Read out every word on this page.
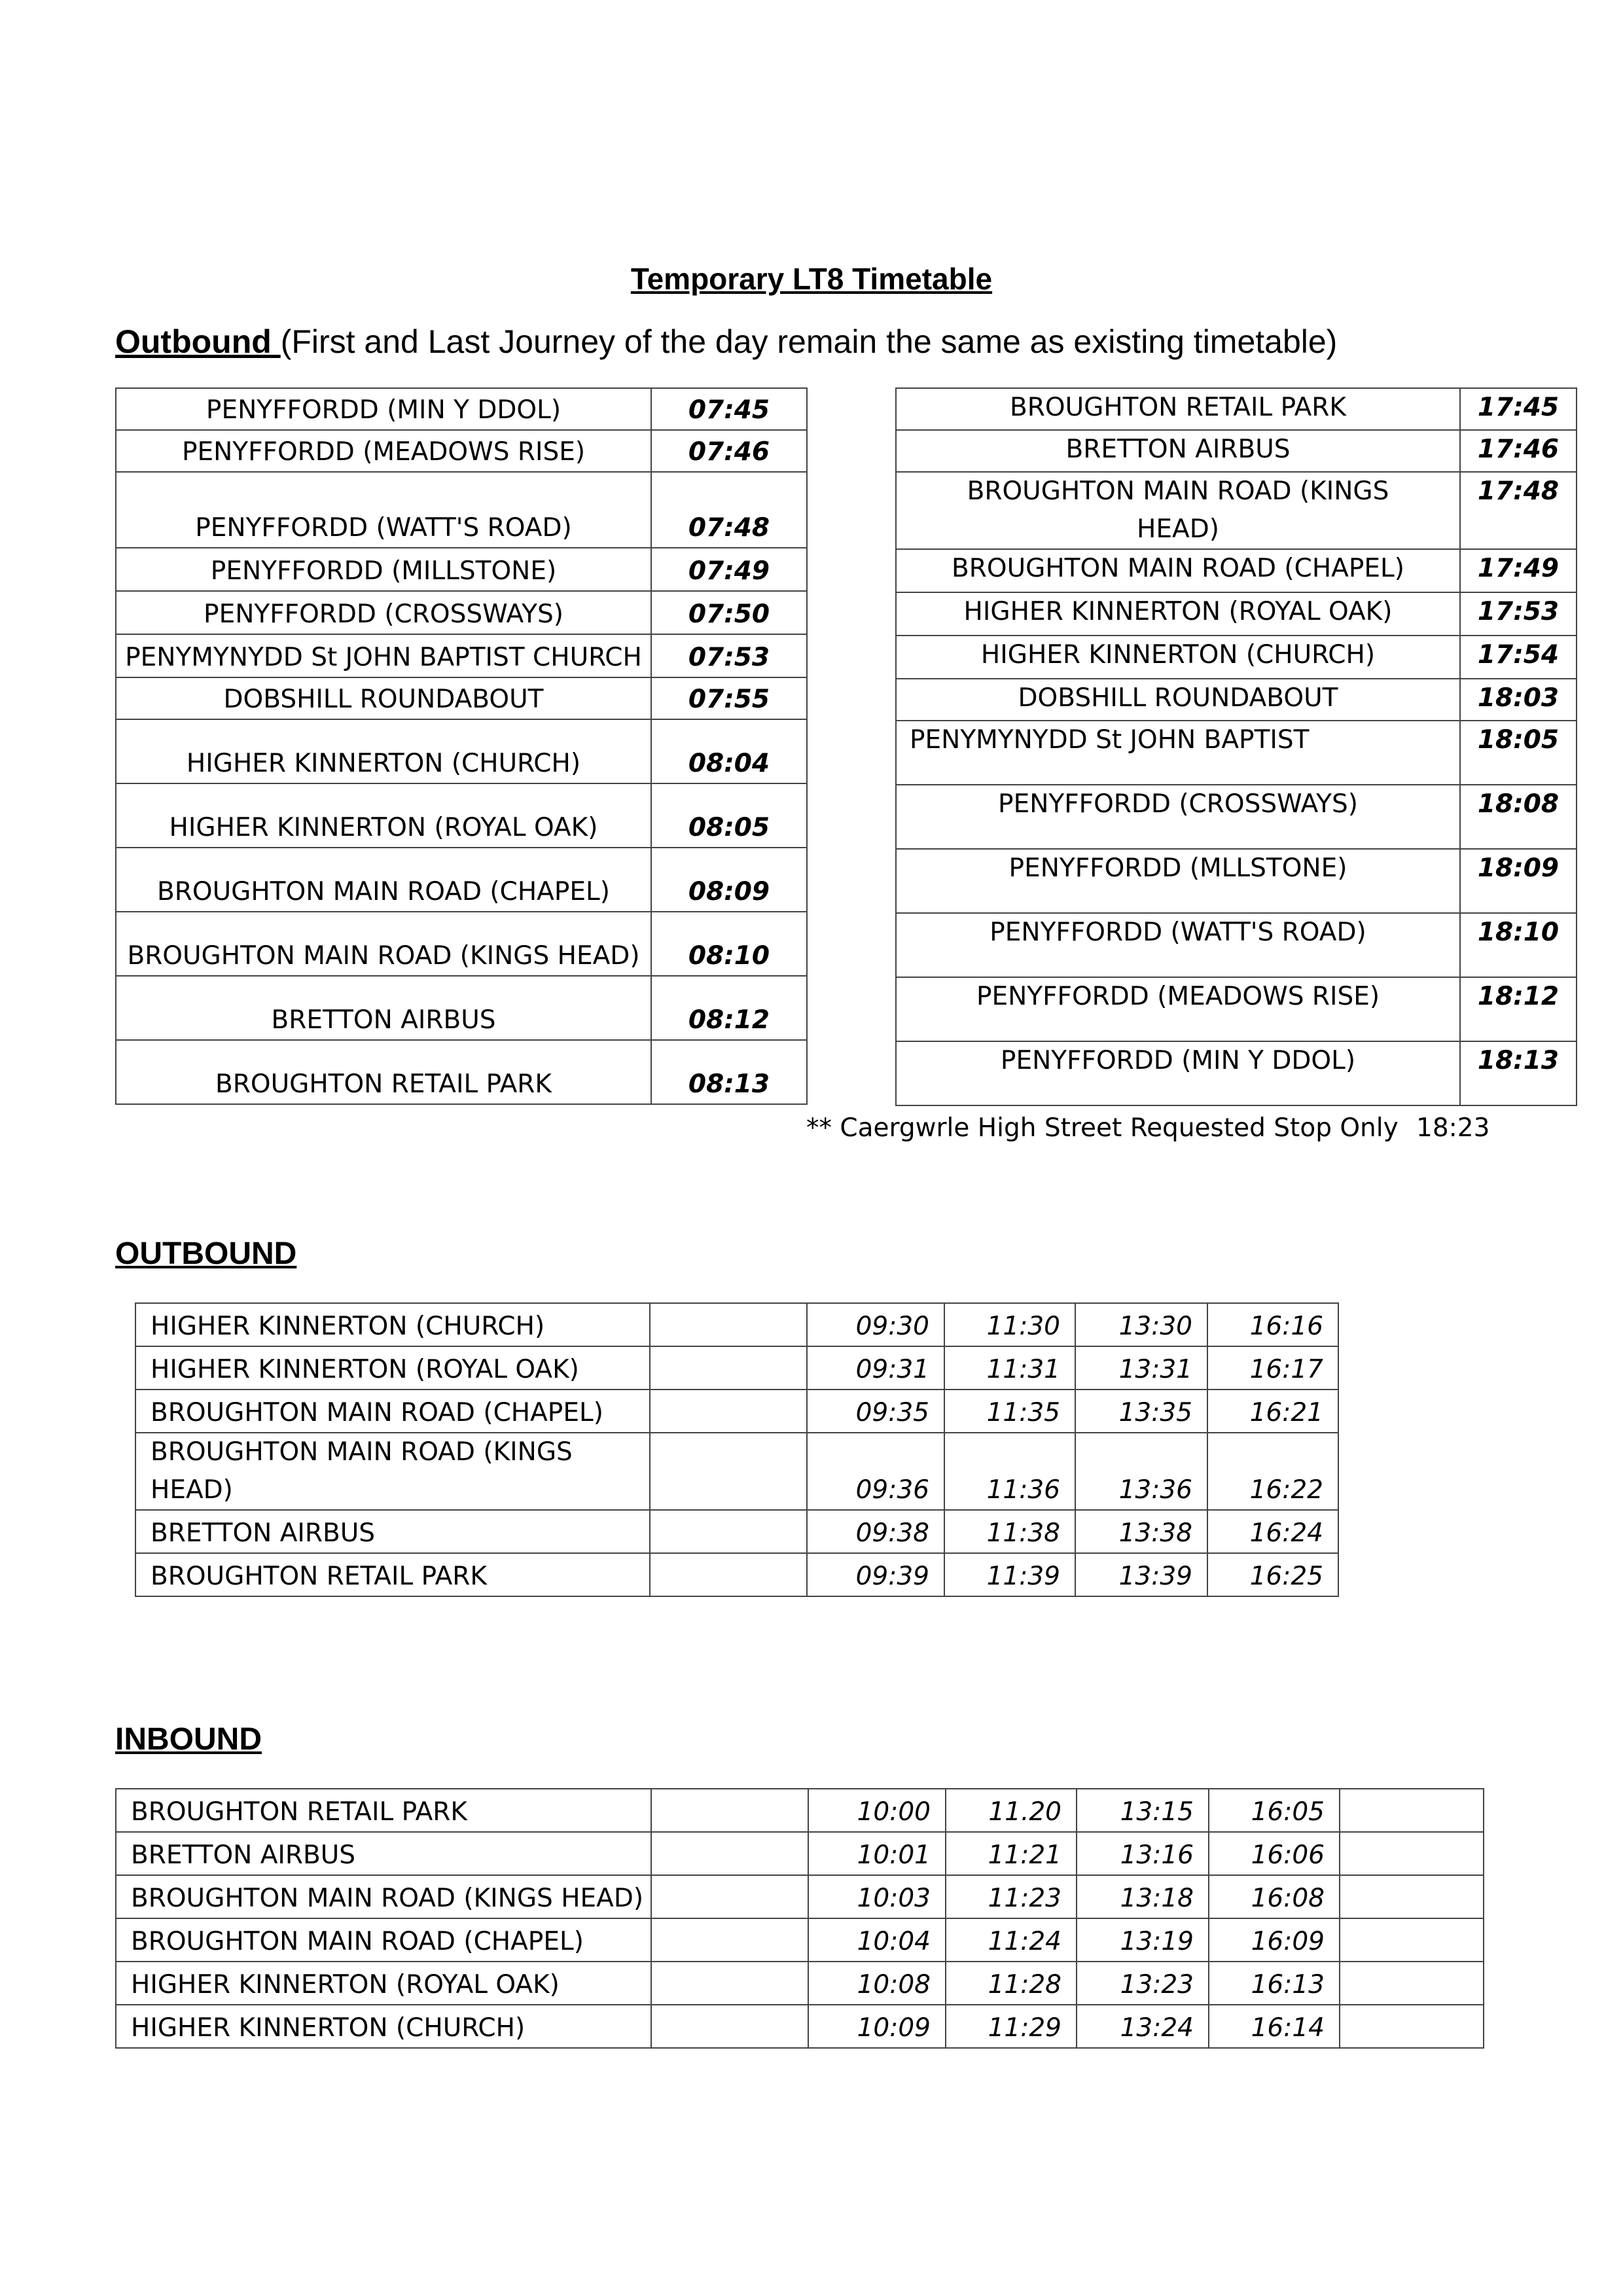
Temporary LT8 Timetable
Outbound (First and Last Journey of the day remain the same as existing timetable)
PENYFFORDD (MIN Y DDOL)	07:45
PENYFFORDD (MEADOWS RISE)	07:46
PENYFFORDD (WATT'S ROAD)	07:48
PENYFFORDD (MILLSTONE)	07:49
PENYFFORDD (CROSSWAYS)	07:50
PENYMYNYDD St JOHN BAPTIST CHURCH	07:53
DOBSHILL ROUNDABOUT	07:55
HIGHER KINNERTON (CHURCH)	08:04
HIGHER KINNERTON (ROYAL OAK)	08:05
BROUGHTON MAIN ROAD (CHAPEL)	08:09
BROUGHTON MAIN ROAD (KINGS HEAD)	08:10
BRETTON AIRBUS	08:12
BROUGHTON RETAIL PARK	08:13
BROUGHTON RETAIL PARK	17:45
BRETTON AIRBUS	17:46
BROUGHTON MAIN ROAD (KINGS HEAD)	17:48
BROUGHTON MAIN ROAD (CHAPEL)	17:49
HIGHER KINNERTON (ROYAL OAK)	17:53
HIGHER KINNERTON (CHURCH)	17:54
DOBSHILL ROUNDABOUT	18:03
PENYMYNYDD St JOHN BAPTIST	18:05
PENYFFORDD (CROSSWAYS)	18:08
PENYFFORDD (MLLSTONE)	18:09
PENYFFORDD (WATT'S ROAD)	18:10
PENYFFORDD (MEADOWS RISE)	18:12
PENYFFORDD (MIN Y DDOL)	18:13
** Caergwrle High Street Requested Stop Only 18:23
OUTBOUND
HIGHER KINNERTON (CHURCH)		09:30	11:30	13:30	16:16
HIGHER KINNERTON (ROYAL OAK)		09:31	11:31	13:31	16:17
BROUGHTON MAIN ROAD (CHAPEL)		09:35	11:35	13:35	16:21
BROUGHTON MAIN ROAD (KINGS HEAD)		09:36	11:36	13:36	16:22
BRETTON AIRBUS		09:38	11:38	13:38	16:24
BROUGHTON RETAIL PARK		09:39	11:39	13:39	16:25
INBOUND
BROUGHTON RETAIL PARK		10:00	11.20	13:15	16:05	
BRETTON AIRBUS		10:01	11:21	13:16	16:06	
BROUGHTON MAIN ROAD (KINGS HEAD)		10:03	11:23	13:18	16:08	
BROUGHTON MAIN ROAD (CHAPEL)		10:04	11:24	13:19	16:09	
HIGHER KINNERTON (ROYAL OAK)		10:08	11:28	13:23	16:13	
HIGHER KINNERTON (CHURCH)		10:09	11:29	13:24	16:14	
